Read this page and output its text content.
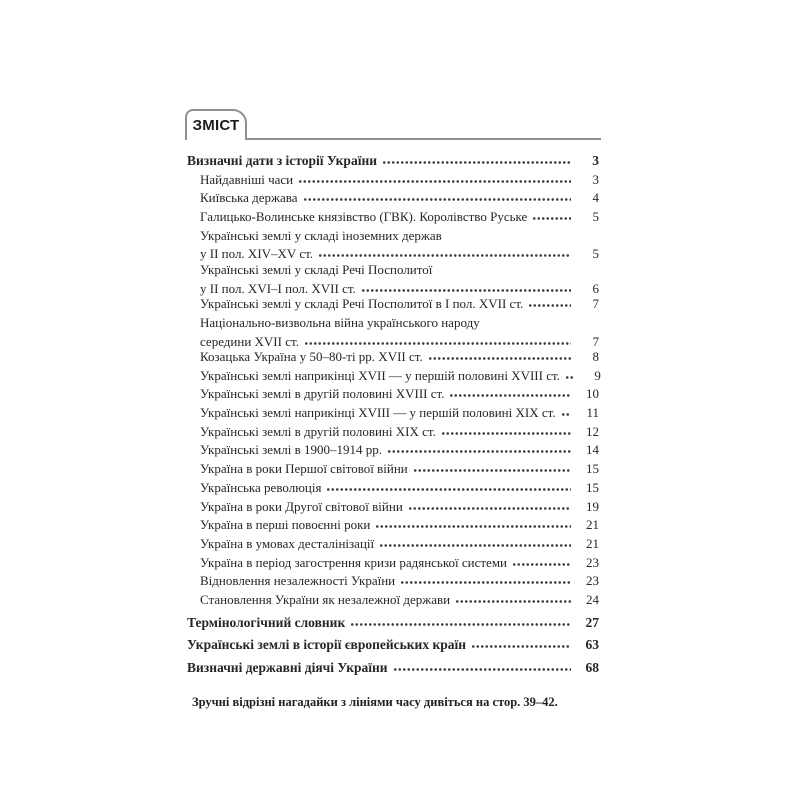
ЗМІСТ
Визначні дати з історії України	3
Найдавніші часи	3
Київська держава	4
Галицько-Волинське князівство (ГВК). Королівство Руське	5
Українські землі у складі іноземних держав
у II пол. XIV–XV ст.	5
Українські землі у складі Речі Посполитої
у II пол. XVI–I пол. XVII ст.	6
Українські землі у складі Речі Посполитої в I пол. XVII ст.	7
Національно-визвольна війна українського народу
середини XVII ст.	7
Козацька Україна у 50–80-ті рр. XVII ст.	8
Українські землі наприкінці XVII — у першій половині XVIII ст.	9
Українські землі в другій половині XVIII ст.	10
Українські землі наприкінці XVIII — у першій половині XIX ст.	11
Українські землі в другій половині XIX ст.	12
Українські землі в 1900–1914 рр.	14
Україна в роки Першої світової війни	15
Українська революція	15
Україна в роки Другої світової війни	19
Україна в перші повоєнні роки	21
Україна в умовах десталінізації	21
Україна в період загострення кризи радянської системи	23
Відновлення незалежності України	23
Становлення України як незалежної держави	24
Термінологічний словник	27
Українські землі в історії європейських країн	63
Визначні державні діячі України	68
Зручні відрізні нагадайки з лініями часу дивіться на стор. 39–42.
